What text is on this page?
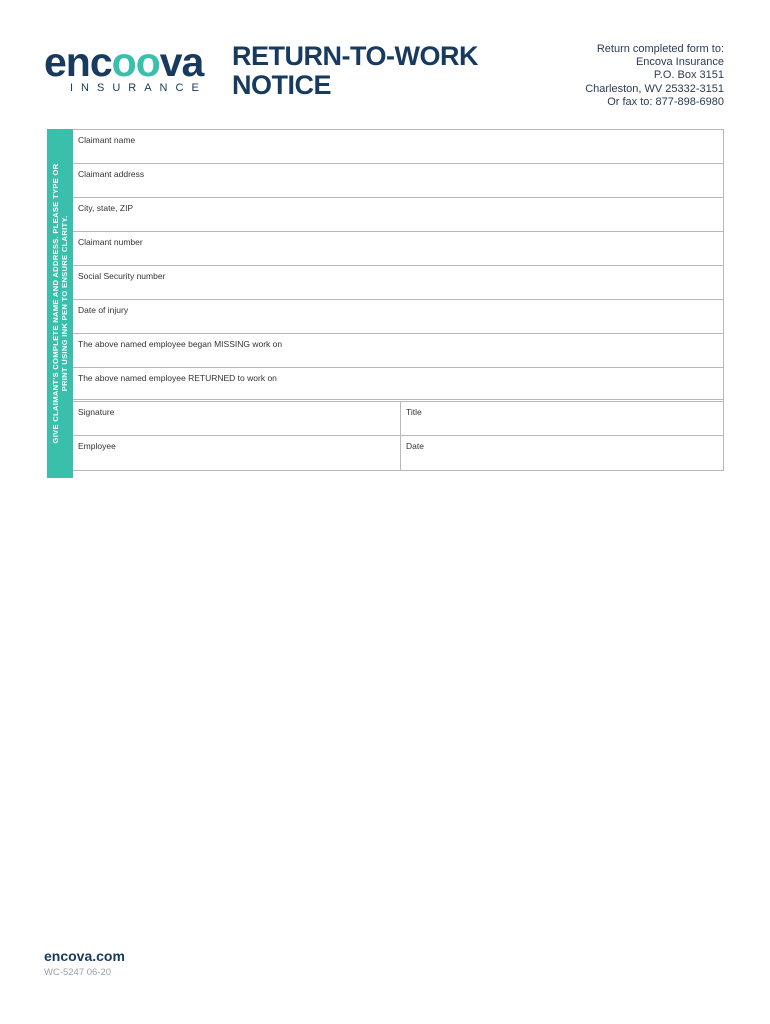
encoova
INSURANCE
RETURN-TO-WORK
NOTICE
Return completed form to:
Encova Insurance
P.O. Box 3151
Charleston, WV 25332-3151
Or fax to: 877-898-6980
GIVE CLAIMANT'S COMPLETE NAME AND ADDRESS. PLEASE TYPE OR PRINT USING INK PEN TO ENSURE CLARITY.
Claimant name
Claimant address
City, state, ZIP
Claimant number
Social Security number
Date of injury
The above named employee began MISSING work on
The above named employee RETURNED to work on
Signature	Title
Employee	Date
encova.com
WC-5247 06-20
